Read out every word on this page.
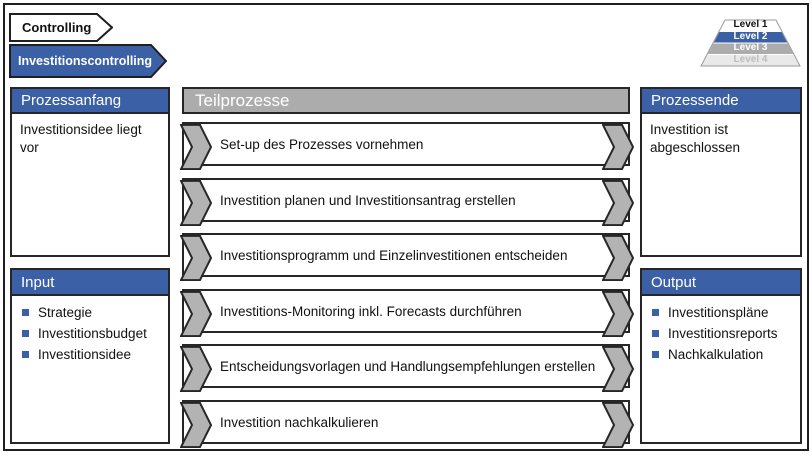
Controlling
Investitionscontrolling
Level 1
Level 2
Level 3
Level 4
Prozessanfang
Investitionsidee liegt vor
Input
Strategie
Investitionsbudget
Investitionsidee
Teilprozesse
Set-up des Prozesses vornehmen
Investition planen und Investitionsantrag erstellen
Investitionsprogramm und Einzelinvestitionen entscheiden
Investitions-Monitoring inkl. Forecasts durchführen
Entscheidungsvorlagen und Handlungsempfehlungen erstellen
Investition nachkalkulieren
Prozessende
Investition ist abgeschlossen
Output
Investitionspläne
Investitionsreports
Nachkalkulation
